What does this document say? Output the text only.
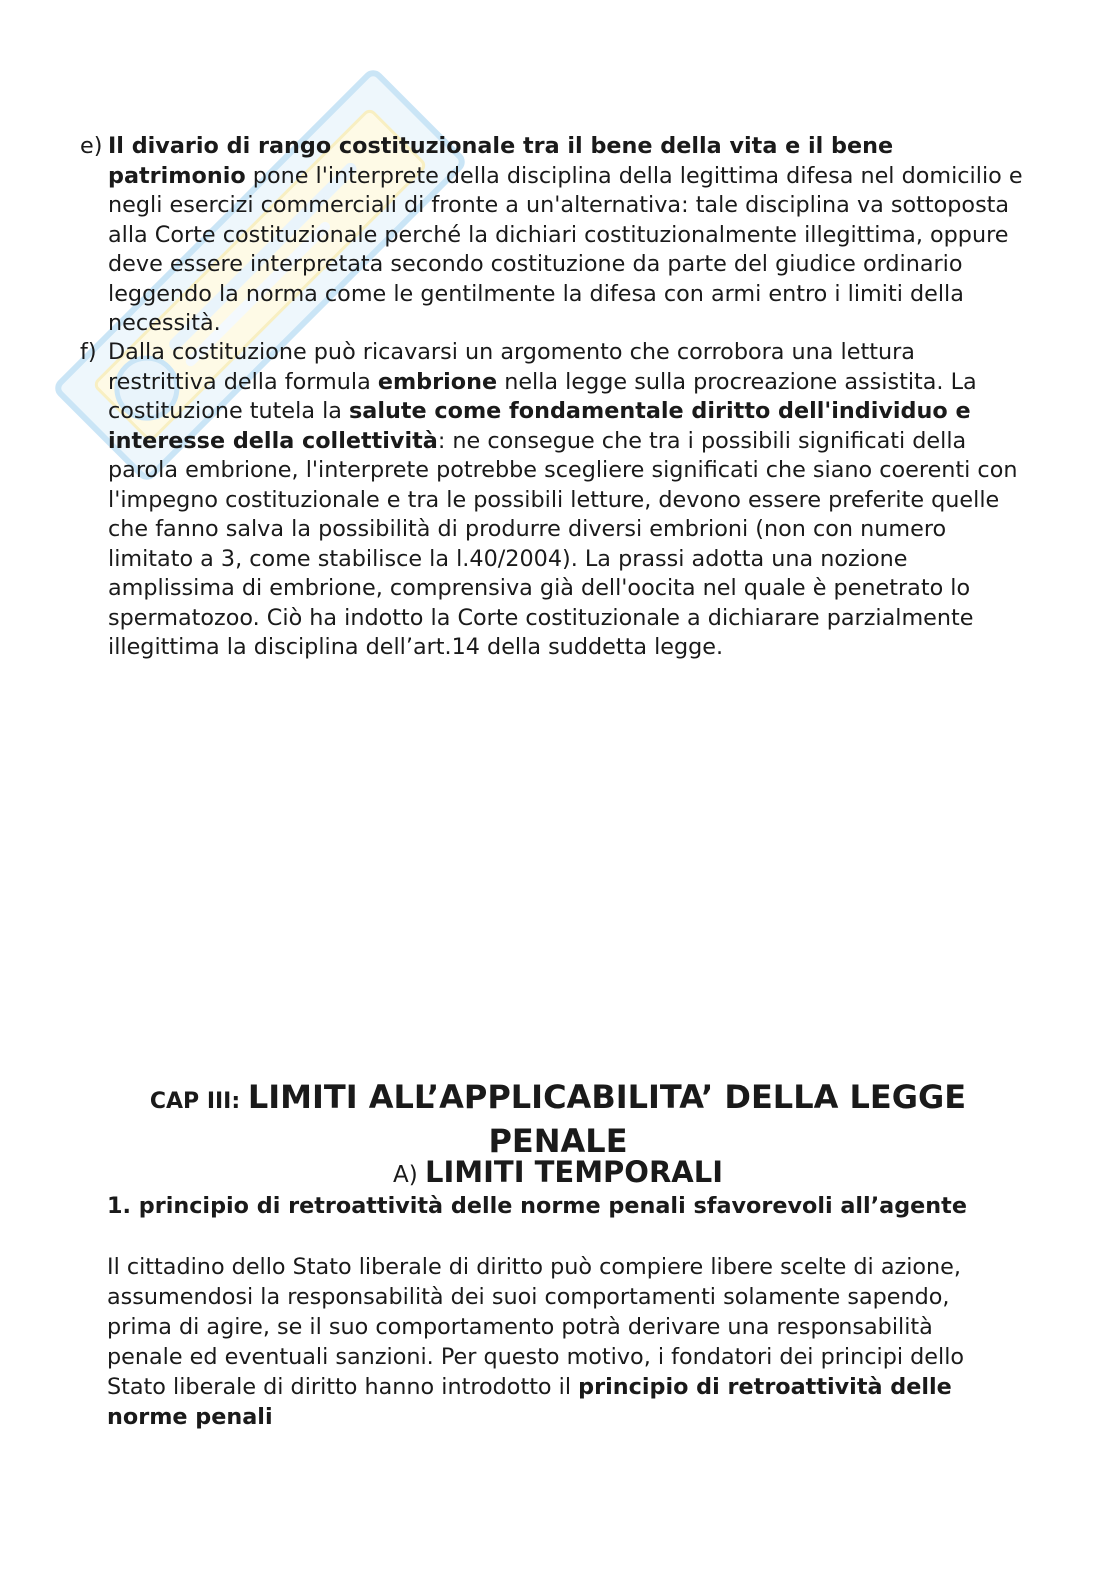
e) Il divario di rango costituzionale tra il bene della vita e il bene patrimonio pone l'interprete della disciplina della legittima difesa nel domicilio e negli esercizi commerciali di fronte a un'alternativa: tale disciplina va sottoposta alla Corte costituzionale perché la dichiari costituzionalmente illegittima, oppure deve essere interpretata secondo costituzione da parte del giudice ordinario leggendo la norma come le gentilmente la difesa con armi entro i limiti della necessità.
f) Dalla costituzione può ricavarsi un argomento che corrobora una lettura restrittiva della formula embrione nella legge sulla procreazione assistita. La costituzione tutela la salute come fondamentale diritto dell'individuo e interesse della collettività: ne consegue che tra i possibili significati della parola embrione, l'interprete potrebbe scegliere significati che siano coerenti con l'impegno costituzionale e tra le possibili letture, devono essere preferite quelle che fanno salva la possibilità di produrre diversi embrioni (non con numero limitato a 3, come stabilisce la l.40/2004). La prassi adotta una nozione amplissima di embrione, comprensiva già dell'oocita nel quale è penetrato lo spermatozoo. Ciò ha indotto la Corte costituzionale a dichiarare parzialmente illegittima la disciplina dell’art.14 della suddetta legge.
CAP III: LIMITI ALL’APPLICABILITA’ DELLA LEGGE PENALE
A) LIMITI TEMPORALI
1. principio di retroattività delle norme penali sfavorevoli all’agente
Il cittadino dello Stato liberale di diritto può compiere libere scelte di azione, assumendosi la responsabilità dei suoi comportamenti solamente sapendo, prima di agire, se il suo comportamento potrà derivare una responsabilità penale ed eventuali sanzioni. Per questo motivo, i fondatori dei principi dello Stato liberale di diritto hanno introdotto il principio di retroattività delle norme penali
